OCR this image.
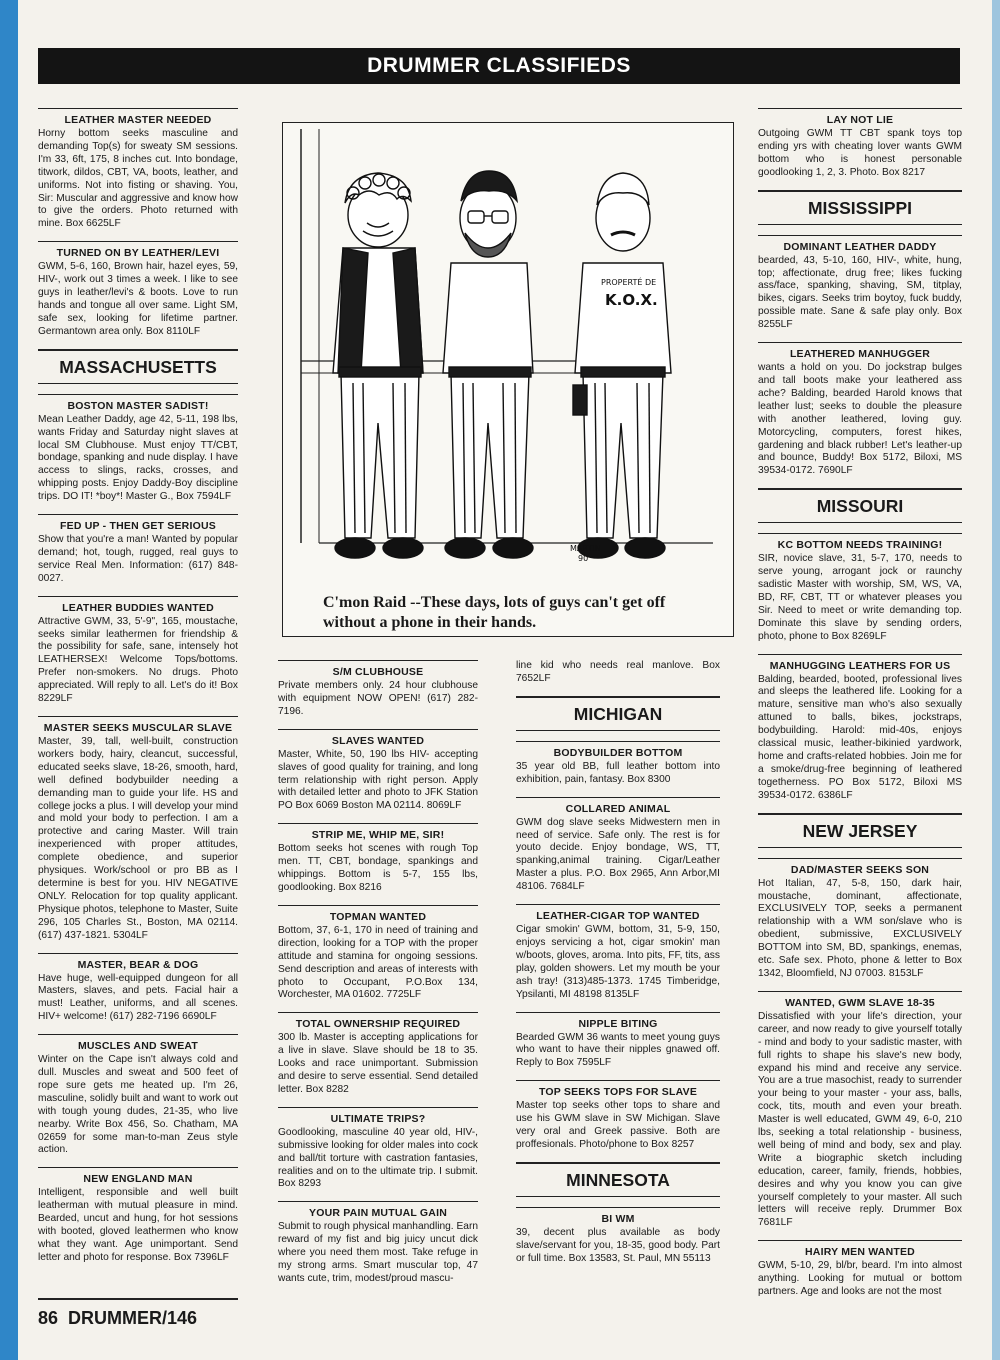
DRUMMER CLASSIFIEDS
LEATHER MASTER NEEDED

Horny bottom seeks masculine and demanding Top(s) for sweaty SM sessions. I'm 33, 6ft, 175, 8 inches cut. Into bondage, titwork, dildos, CBT, VA, boots, leather, and uniforms. Not into fisting or shaving. You, Sir: Muscular and aggressive and know how to give the orders. Photo returned with mine. Box 6625LF

TURNED ON BY LEATHER/LEVI

GWM, 5-6, 160, Brown hair, hazel eyes, 59, HIV-, work out 3 times a week. I like to see guys in leather/levi's & boots. Love to run hands and tongue all over same. Light SM, safe sex, looking for lifetime partner. Germantown area only. Box 8110LF

MASSACHUSETTS
BOSTON MASTER SADIST!

Mean Leather Daddy, age 42, 5-11, 198 lbs, wants Friday and Saturday night slaves at local SM Clubhouse. Must enjoy TT/CBT, bondage, spanking and nude display. I have access to slings, racks, crosses, and whipping posts. Enjoy Daddy-Boy discipline trips. DO IT! *boy*! Master G., Box 7594LF

FED UP - THEN GET SERIOUS

Show that you're a man! Wanted by popular demand; hot, tough, rugged, real guys to service Real Men. Information: (617) 848-0027.

LEATHER BUDDIES WANTED

Attractive GWM, 33, 5'-9", 165, moustache, seeks similar leathermen for friendship & the possibility for safe, sane, intensely hot LEATHERSEX! Welcome Tops/bottoms. Prefer non-smokers. No drugs. Photo appreciated. Will reply to all. Let's do it! Box 8229LF

MASTER SEEKS MUSCULAR SLAVE

Master, 39, tall, well-built, construction workers body, hairy, cleancut, successful, educated seeks slave, 18-26, smooth, hard, well defined bodybuilder needing a demanding man to guide your life. HS and college jocks a plus. I will develop your mind and mold your body to perfection. I am a protective and caring Master. Will train inexperienced with proper attitudes, complete obedience, and superior physiques. Work/school or pro BB as I determine is best for you. HIV NEGATIVE ONLY. Relocation for top quality applicant. Physique photos, telephone to Master, Suite 296, 105 Charles St., Boston, MA 02114. (617) 437-1821. 5304LF

MASTER, BEAR & DOG

Have huge, well-equipped dungeon for all Masters, slaves, and pets. Facial hair a must! Leather, uniforms, and all scenes. HIV+ welcome! (617) 282-7196 6690LF

MUSCLES AND SWEAT

Winter on the Cape isn't always cold and dull. Muscles and sweat and 500 feet of rope sure gets me heated up. I'm 26, masculine, solidly built and want to work out with tough young dudes, 21-35, who live nearby. Write Box 456, So. Chatham, MA 02659 for some man-to-man Zeus style action.

NEW ENGLAND MAN

Intelligent, responsible and well built leatherman with mutual pleasure in mind. Bearded, uncut and hung, for hot sessions with booted, gloved leathermen who know what they want. Age unimportant. Send letter and photo for response. Box 7396LF

S/M CLUBHOUSE

Private members only. 24 hour clubhouse with equipment NOW OPEN! (617) 282-7196.

SLAVES WANTED

Master, White, 50, 190 lbs HIV- accepting slaves of good quality for training, and long term relationship with right person. Apply with detailed letter and photo to JFK Station PO Box 6069 Boston MA 02114. 8069LF

STRIP ME, WHIP ME, SIR!

Bottom seeks hot scenes with rough Top men. TT, CBT, bondage, spankings and whippings. Bottom is 5-7, 155 lbs, goodlooking. Box 8216

TOPMAN WANTED

Bottom, 37, 6-1, 170 in need of training and direction, looking for a TOP with the proper attitude and stamina for ongoing sessions. Send description and areas of interests with photo to Occupant, P.O.Box 134, Worchester, MA 01602. 7725LF

TOTAL OWNERSHIP REQUIRED

300 lb. Master is accepting applications for a live in slave. Slave should be 18 to 35. Looks and race unimportant. Submission and desire to serve essential. Send detailed letter. Box 8282

ULTIMATE TRIPS?

Goodlooking, masculine 40 year old, HIV-, submissive looking for older males into cock and ball/tit torture with castration fantasies, realities and on to the ultimate trip. I submit. Box 8293

YOUR PAIN MUTUAL GAIN

Submit to rough physical manhandling. Earn reward of my fist and big juicy uncut dick where you need them most. Take refuge in my strong arms. Smart muscular top, 47 wants cute, trim, modest/proud mascu-

line kid who needs real manlove. Box 7652LF

MICHIGAN
BODYBUILDER BOTTOM

35 year old BB, full leather bottom into exhibition, pain, fantasy. Box 8300

COLLARED ANIMAL

GWM dog slave seeks Midwestern men in need of service. Safe only. The rest is for youto decide. Enjoy bondage, WS, TT, spanking,animal training. Cigar/Leather Master a plus. P.O. Box 2965, Ann Arbor,MI 48106. 7684LF

LEATHER-CIGAR TOP WANTED

Cigar smokin' GWM, bottom, 31, 5-9, 150, enjoys servicing a hot, cigar smokin' man w/boots, gloves, aroma. Into pits, FF, tits, ass play, golden showers. Let my mouth be your ash tray! (313)485-1373. 1745 Timberidge, Ypsilanti, MI 48198 8135LF

NIPPLE BITING

Bearded GWM 36 wants to meet young guys who want to have their nipples gnawed off. Reply to Box 7595LF

TOP SEEKS TOPS FOR SLAVE

Master top seeks other tops to share and use his GWM slave in SW Michigan. Slave very oral and Greek passive. Both are proffesionals. Photo/phone to Box 8257

MINNESOTA
BI WM

39, decent plus available as body slave/servant for you, 18-35, good body. Part or full time. Box 13583, St. Paul, MN 55113

LAY NOT LIE

Outgoing GWM TT CBT spank toys top ending yrs with cheating lover wants GWM bottom who is honest personable goodlooking 1, 2, 3. Photo. Box 8217

MISSISSIPPI
DOMINANT LEATHER DADDY

bearded, 43, 5-10, 160, HIV-, white, hung, top; affectionate, drug free; likes fucking ass/face, spanking, shaving, SM, titplay, bikes, cigars. Seeks trim boytoy, fuck buddy, possible mate. Sane & safe play only. Box 8255LF

LEATHERED MANHUGGER

wants a hold on you. Do jockstrap bulges and tall boots make your leathered ass ache? Balding, bearded Harold knows that leather lust; seeks to double the pleasure with another leathered, loving guy. Motorcycling, computers, forest hikes, gardening and black rubber! Let's leather-up and bounce, Buddy! Box 5172, Biloxi, MS 39534-0172. 7690LF

MISSOURI
KC BOTTOM NEEDS TRAINING!

SIR, novice slave, 31, 5-7, 170, needs to serve young, arrogant jock or raunchy sadistic Master with worship, SM, WS, VA, BD, RF, CBT, TT or whatever pleases you Sir. Need to meet or write demanding top. Dominate this slave by sending orders, photo, phone to Box 8269LF

MANHUGGING LEATHERS FOR US

Balding, bearded, booted, professional lives and sleeps the leathered life. Looking for a mature, sensitive man who's also sexually attuned to balls, bikes, jockstraps, bodybuilding. Harold: mid-40s, enjoys classical music, leather-bikinied yardwork, home and crafts-related hobbies. Join me for a smoke/drug-free beginning of leathered togetherness. PO Box 5172, Biloxi MS 39534-0172. 6386LF

NEW JERSEY
DAD/MASTER SEEKS SON

Hot Italian, 47, 5-8, 150, dark hair, moustache, dominant, affectionate, EXCLUSIVELY TOP, seeks a permanent relationship with a WM son/slave who is obedient, submissive, EXCLUSIVELY BOTTOM into SM, BD, spankings, enemas, etc. Safe sex. Photo, phone & letter to Box 1342, Bloomfield, NJ 07003. 8153LF

WANTED, GWM SLAVE 18-35

Dissatisfied with your life's direction, your career, and now ready to give yourself totally - mind and body to your sadistic master, with full rights to shape his slave's new body, expand his mind and receive any service. You are a true masochist, ready to surrender your being to your master - your ass, balls, cock, tits, mouth and even your breath. Master is well educated, GWM 49, 6-0, 210 lbs, seeking a total relationship - business, well being of mind and body, sex and play. Write a biographic sketch including education, career, family, friends, hobbies, desires and why you know you can give yourself completely to your master. All such letters will receive reply. Drummer Box 7681LF

HAIRY MEN WANTED

GWM, 5-10, 29, bl/br, beard. I'm into almost anything. Looking for mutual or bottom partners. Age and looks are not the most

PROPERTÉ DE
K.O.X.
MARTIN
90
C'mon Raid --These days, lots of guys can't get off without a phone in their hands.
86 DRUMMER/146
